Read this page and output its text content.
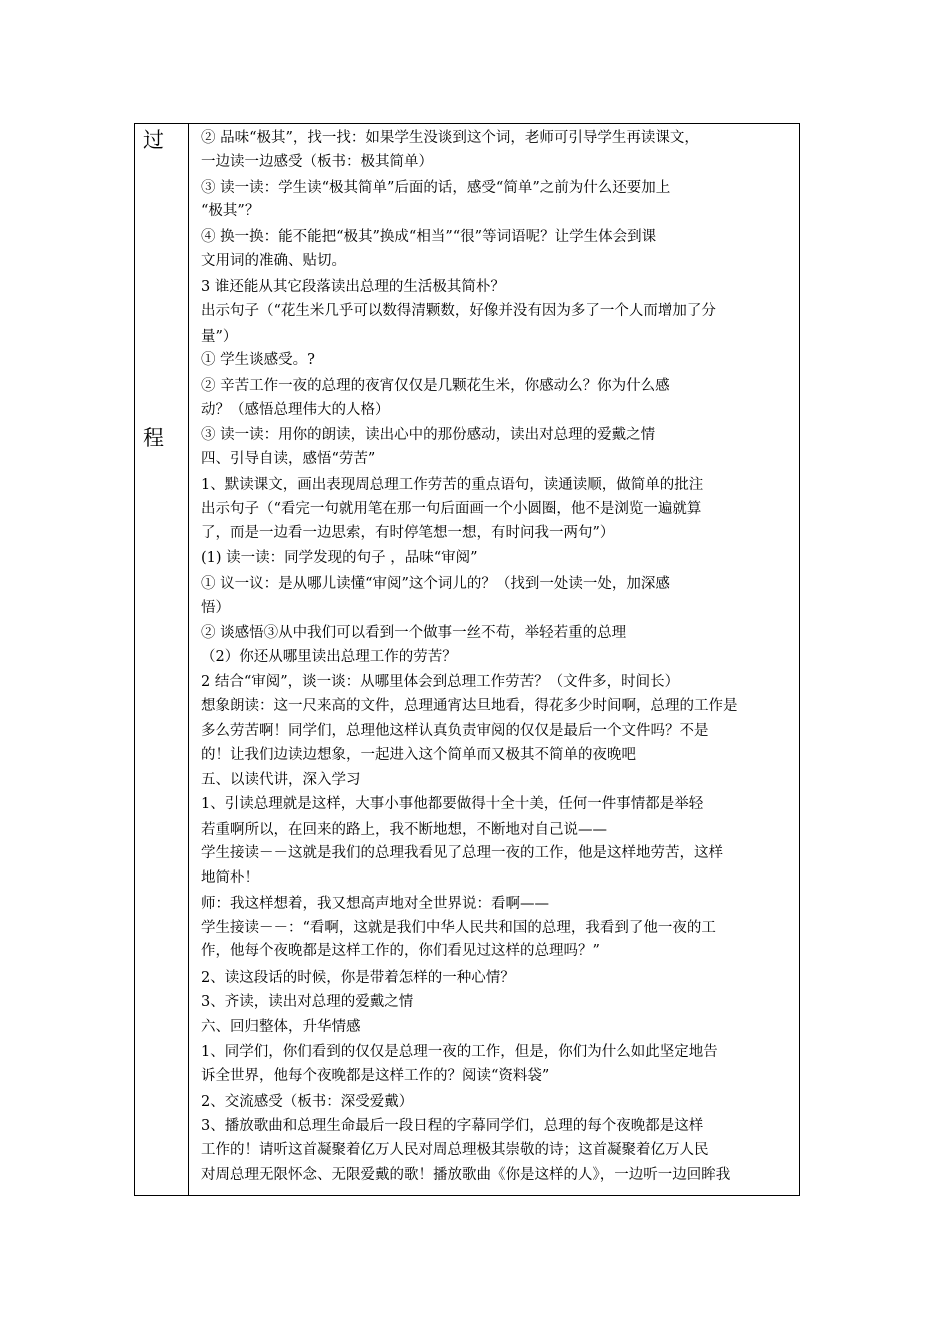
过
程
② 品味“极其”，找一找：如果学生没谈到这个词，老师可引导学生再读课文，
一边读一边感受（板书：极其简单）
③ 读一读：学生读“极其简单”后面的话，感受“简单”之前为什么还要加上
“极其”？
④ 换一换：能不能把“极其”换成“相当”“很”等词语呢？让学生体会到课
文用词的准确、贴切。
3 谁还能从其它段落读出总理的生活极其简朴？
出示句子（“花生米几乎可以数得清颗数，好像并没有因为多了一个人而增加了分
量”）
① 学生谈感受。?
② 辛苦工作一夜的总理的夜宵仅仅是几颗花生米，你感动么？你为什么感
动？（感悟总理伟大的人格）
③ 读一读：用你的朗读，读出心中的那份感动，读出对总理的爱戴之情
四、引导自读，感悟“劳苦”
1、默读课文，画出表现周总理工作劳苦的重点语句，读通读顺，做简单的批注
出示句子（“看完一句就用笔在那一句后面画一个小圆圈，他不是浏览一遍就算
了，而是一边看一边思索，有时停笔想一想，有时问我一两句”）
(1) 读一读：同学发现的句子 ，品味“审阅”
① 议一议：是从哪儿读懂“审阅”这个词儿的？（找到一处读一处，加深感
悟）
② 谈感悟③从中我们可以看到一个做事一丝不苟，举轻若重的总理
（2）你还从哪里读出总理工作的劳苦？
2 结合“审阅”，谈一谈：从哪里体会到总理工作劳苦？（文件多，时间长）
想象朗读：这一尺来高的文件，总理通宵达旦地看，得花多少时间啊，总理的工作是
多么劳苦啊！同学们，总理他这样认真负责审阅的仅仅是最后一个文件吗？不是
的！让我们边读边想象，一起进入这个简单而又极其不简单的夜晚吧
五、以读代讲，深入学习
1、引读总理就是这样，大事小事他都要做得十全十美，任何一件事情都是举轻
若重啊所以，在回来的路上，我不断地想，不断地对自己说——
学生接读－－这就是我们的总理我看见了总理一夜的工作，他是这样地劳苦，这样
地简朴！
师：我这样想着，我又想高声地对全世界说：看啊——
学生接读－－：“看啊，这就是我们中华人民共和国的总理，我看到了他一夜的工
作，他每个夜晚都是这样工作的，你们看见过这样的总理吗？”
2、读这段话的时候，你是带着怎样的一种心情？
3、齐读，读出对总理的爱戴之情
六、回归整体，升华情感
1、同学们，你们看到的仅仅是总理一夜的工作，但是，你们为什么如此坚定地告
诉全世界，他每个夜晚都是这样工作的？阅读“资料袋”
2、交流感受（板书：深受爱戴）
3、播放歌曲和总理生命最后一段日程的字幕同学们，总理的每个夜晚都是这样
工作的！请听这首凝聚着亿万人民对周总理极其崇敬的诗；这首凝聚着亿万人民
对周总理无限怀念、无限爱戴的歌！播放歌曲《你是这样的人》，一边听一边回眸我
